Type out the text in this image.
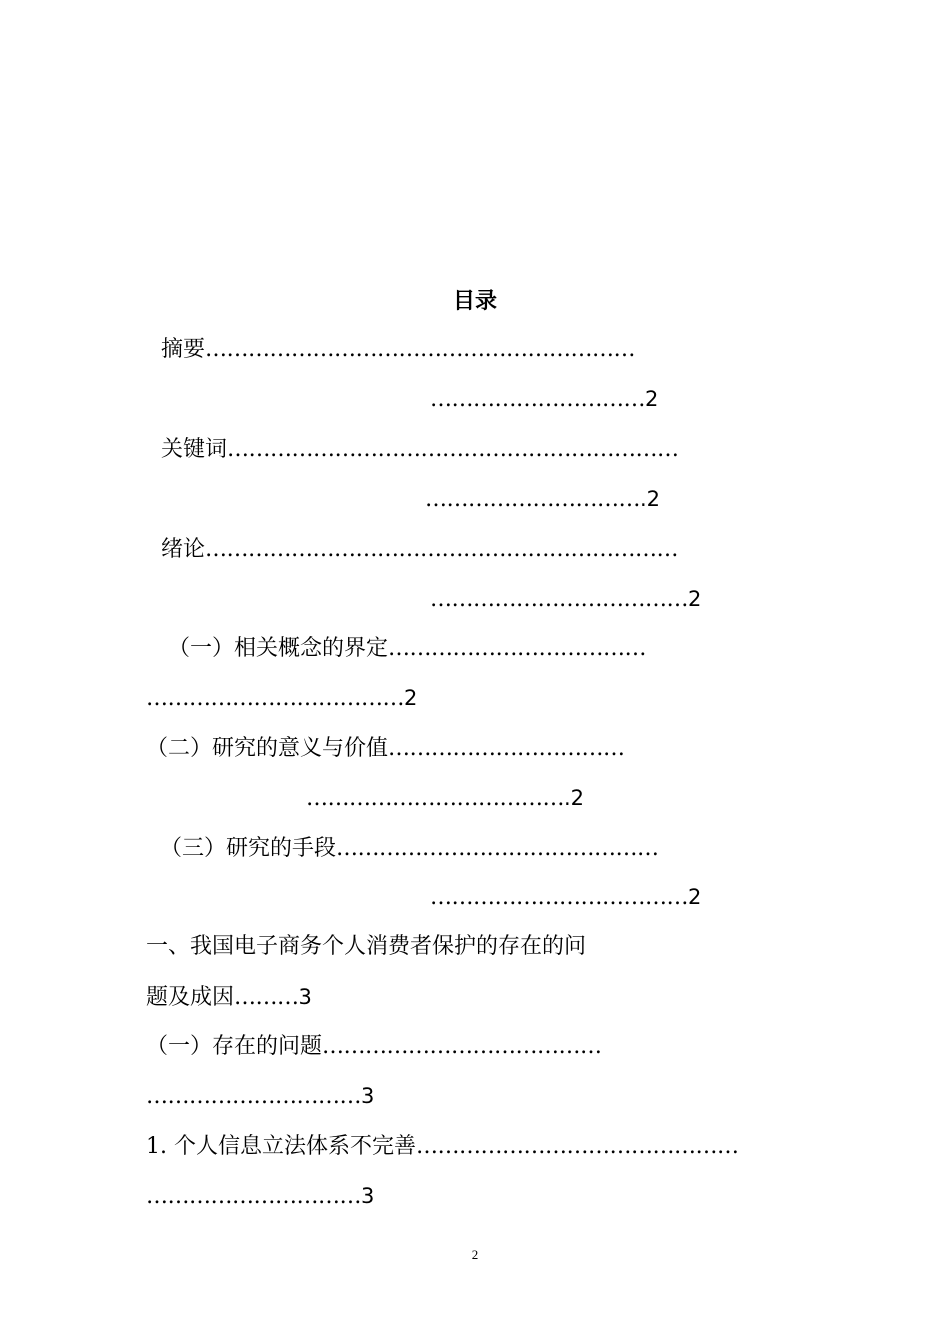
目录
摘要……………………………………………………
…………………………2
关键词………………………………………………………
………………………….2
绪论…………………………………………………………
………………………………2
（一）相关概念的界定………………………………
………………………………2
（二）研究的意义与价值……………………………
……………………………….2
（三）研究的手段………………………………………
………………………………2
一、我国电子商务个人消费者保护的存在的问
题及成因………3
（一）存在的问题…………………………………
…………………………3
1. 个人信息立法体系不完善………………………………………
…………………………3
2
